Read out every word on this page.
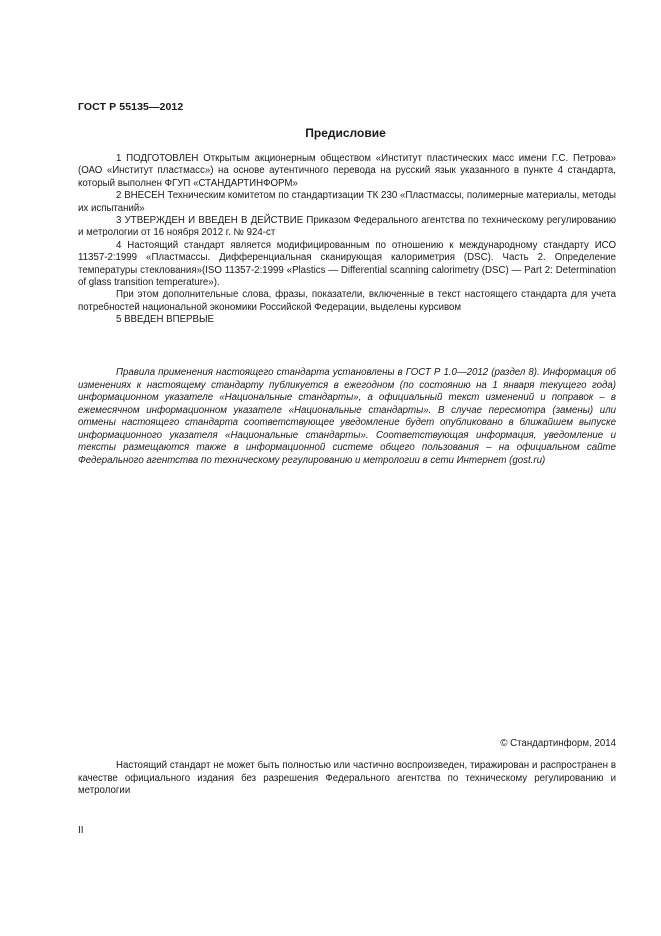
ГОСТ Р 55135—2012
Предисловие

1 ПОДГОТОВЛЕН Открытым акционерным обществом «Институт пластических масс имени Г.С. Петрова» (ОАО «Институт пластмасс») на основе аутентичного перевода на русский язык указанного в пункте 4 стандарта, который выполнен ФГУП «СТАНДАРТИНФОРМ»

2 ВНЕСЕН Техническим комитетом по стандартизации ТК 230 «Пластмассы, полимерные материалы, методы их испытаний»

3 УТВЕРЖДЕН И ВВЕДЕН В ДЕЙСТВИЕ Приказом Федерального агентства по техническому регулированию и метрологии от 16 ноября 2012 г. № 924-ст

4 Настоящий стандарт является модифицированным по отношению к международному стандарту ИСО 11357-2:1999 «Пластмассы. Дифференциальная сканирующая калориметрия (DSC). Часть 2. Определение температуры стеклования»(ISO 11357-2:1999 «Plastics — Differential scanning calorimetry (DSC) — Part 2: Determination of glass transition temperature»).

При этом дополнительные слова, фразы, показатели, включенные в текст настоящего стандарта для учета потребностей национальной экономики Российской Федерации, выделены курсивом

5 ВВЕДЕН ВПЕРВЫЕ

Правила применения настоящего стандарта установлены в ГОСТ Р 1.0—2012 (раздел 8). Информация об изменениях к настоящему стандарту публикуется в ежегодном (по состоянию на 1 января текущего года) информационном указателе «Национальные стандарты», а официальный текст изменений и поправок – в ежемесячном информационном указателе «Национальные стандарты». В случае пересмотра (замены) или отмены настоящего стандарта соответствующее уведомление будет опубликовано в ближайшем выпуске информационного указателя «Национальные стандарты». Соответствующая информация, уведомление и тексты размещаются также в информационной системе общего пользования – на официальном сайте Федерального агентства по техническому регулированию и метрологии в сети Интернет (gost.ru)

© Стандартинформ, 2014

Настоящий стандарт не может быть полностью или частично воспроизведен, тиражирован и распространен в качестве официального издания без разрешения Федерального агентства по техническому регулированию и метрологии

II
